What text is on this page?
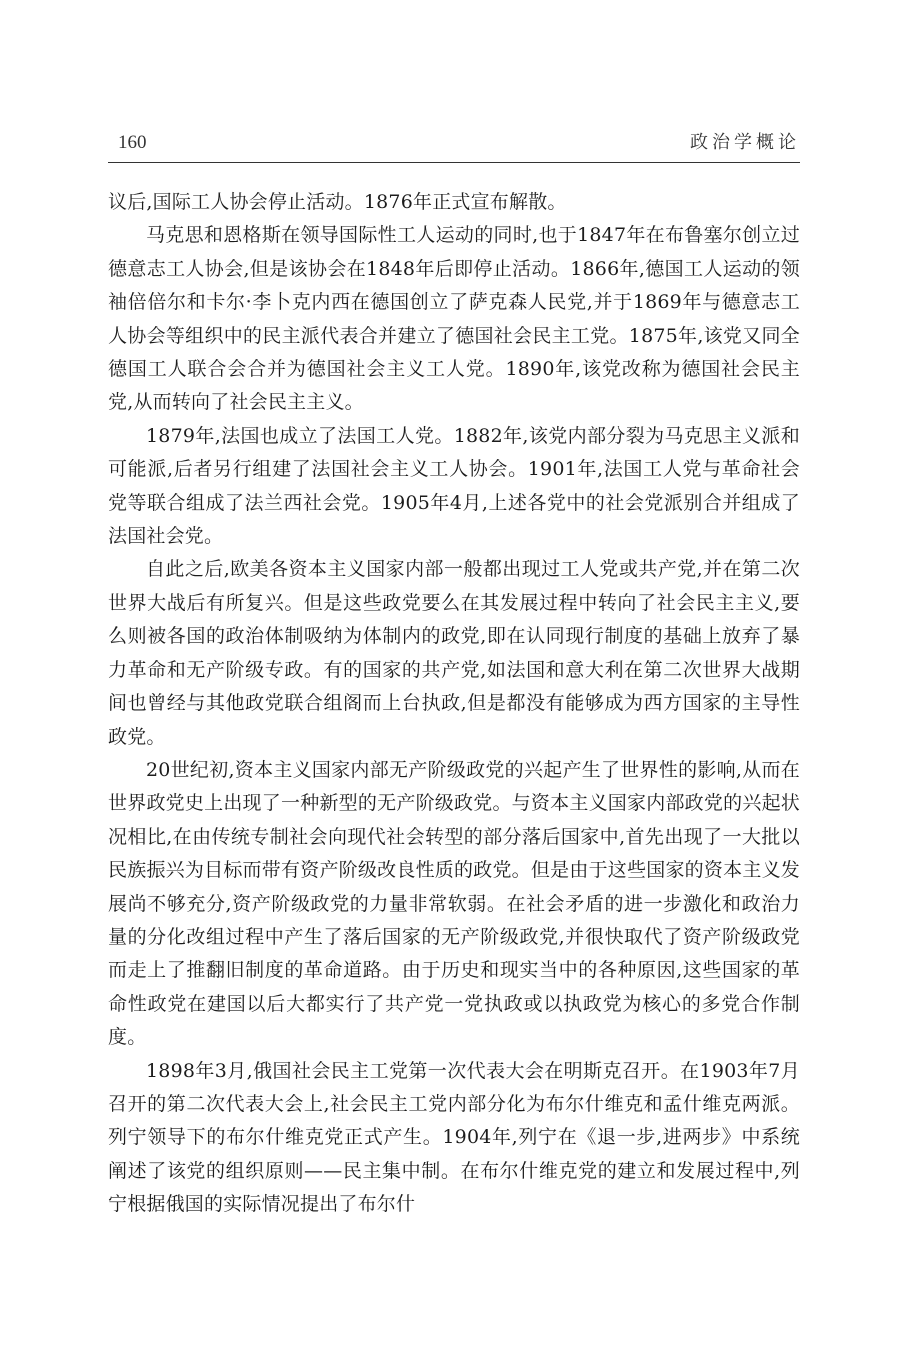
160	政治学概论

议后,国际工人协会停止活动。1876年正式宣布解散。

马克思和恩格斯在领导国际性工人运动的同时,也于1847年在布鲁塞尔创立过德意志工人协会,但是该协会在1848年后即停止活动。1866年,德国工人运动的领袖倍倍尔和卡尔·李卜克内西在德国创立了萨克森人民党,并于1869年与德意志工人协会等组织中的民主派代表合并建立了德国社会民主工党。1875年,该党又同全德国工人联合会合并为德国社会主义工人党。1890年,该党改称为德国社会民主党,从而转向了社会民主主义。

1879年,法国也成立了法国工人党。1882年,该党内部分裂为马克思主义派和可能派,后者另行组建了法国社会主义工人协会。1901年,法国工人党与革命社会党等联合组成了法兰西社会党。1905年4月,上述各党中的社会党派别合并组成了法国社会党。

自此之后,欧美各资本主义国家内部一般都出现过工人党或共产党,并在第二次世界大战后有所复兴。但是这些政党要么在其发展过程中转向了社会民主主义,要么则被各国的政治体制吸纳为体制内的政党,即在认同现行制度的基础上放弃了暴力革命和无产阶级专政。有的国家的共产党,如法国和意大利在第二次世界大战期间也曾经与其他政党联合组阁而上台执政,但是都没有能够成为西方国家的主导性政党。

20世纪初,资本主义国家内部无产阶级政党的兴起产生了世界性的影响,从而在世界政党史上出现了一种新型的无产阶级政党。与资本主义国家内部政党的兴起状况相比,在由传统专制社会向现代社会转型的部分落后国家中,首先出现了一大批以民族振兴为目标而带有资产阶级改良性质的政党。但是由于这些国家的资本主义发展尚不够充分,资产阶级政党的力量非常软弱。在社会矛盾的进一步激化和政治力量的分化改组过程中产生了落后国家的无产阶级政党,并很快取代了资产阶级政党而走上了推翻旧制度的革命道路。由于历史和现实当中的各种原因,这些国家的革命性政党在建国以后大都实行了共产党一党执政或以执政党为核心的多党合作制度。

1898年3月,俄国社会民主工党第一次代表大会在明斯克召开。在1903年7月召开的第二次代表大会上,社会民主工党内部分化为布尔什维克和孟什维克两派。列宁领导下的布尔什维克党正式产生。1904年,列宁在《退一步,进两步》中系统阐述了该党的组织原则——民主集中制。在布尔什维克党的建立和发展过程中,列宁根据俄国的实际情况提出了布尔什
